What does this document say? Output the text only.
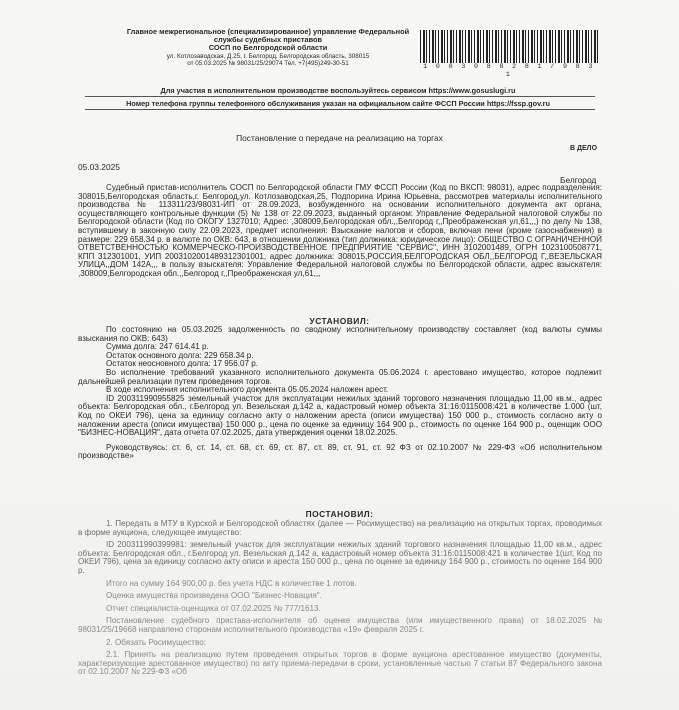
Главное межрегиональное (специализированное) управление Федеральной
службы судебных приставов
СОСП по Белгородской области
ул. Котлозаводская, Д.25, г. Белгород, Белгородская область, 308015
от 05.03.2025 № 98031/25/29074 Тел. +7(495)249-30-51	1 0 0 3 0 8 8 2 8 1 / 9 8 3 1
Для участия в исполнительном производстве воспользуйтесь сервисом https://www.gosuslugi.ru
Номер телефона группы телефонного обслуживания указан на официальном сайте ФССП России https://fssp.gov.ru
Постановление о передаче на реализацию на торгах
В ДЕЛО
05.03.2025
Белгород

Судебный пристав-исполнитель СОСП по Белгородской области ГМУ ФССП России (Код по ВКСП: 98031), адрес подразделения: 308015,Белгородская область,г. Белгород,ул. Котлозаводская,25, Подпорина Ирина Юрьевна, рассмотрев материалы исполнительного производства № 113311/23/98031-ИП от 28.09.2023, возбужденного на основании исполнительного документа акт органа, осуществляющего контрольные функции (5) № 138 от 22.09.2023, выданный органом: Управление Федеральной налоговой службы по Белгородской области (Код по ОКОГУ 1327010; Адрес: ,308009,Белгородская обл.,,Белгород г,,Преображенская ул,61,,,) по делу № 138, вступившему в законную силу 22.09.2023, предмет исполнения: Взыскание налогов и сборов, включая пени (кроме газоснабжения) в размере: 229 658.34 р. в валюте по ОКВ: 643, в отношении должника (тип должника: юридическое лицо): ОБЩЕСТВО С ОГРАНИЧЕННОЙ ОТВЕТСТВЕННОСТЬЮ КОММЕРЧЕСКО-ПРОИЗВОДСТВЕННОЕ ПРЕДПРИЯТИЕ "СЕРВИС", ИНН 3102001489, ОГРН 1023100508771, КПП 312301001, УИП 2003102001489312301001, адрес должника: 308015,РОССИЯ,БЕЛГОРОДСКАЯ ОБЛ,,БЕЛГОРОД Г,,ВЕЗЕЛЬСКАЯ УЛИЦА,,ДОМ 142А,,, в пользу взыскателя: Управление Федеральной налоговой службы по Белгородской области, адрес взыскателя: ,308009,Белгородская обл.,,Белгород г,,Преображенская ул,61,,,

УСТАНОВИЛ:

По состоянию на 05.03.2025 задолженность по сводному исполнительному производству составляет (код валюты суммы взыскания по ОКВ: 643)

Сумма долга: 247 614.41 р.

Остаток основного долга: 229 658.34 р.

Остаток неосновного долга: 17 956.07 р.

Во исполнение требований указанного исполнительного документа 05.06.2024 г. арестовано имущество, которое подлежит дальнейшей реализации путем проведения торгов.

В ходе исполнения исполнительного документа 05.05.2024 наложен арест.

ID 200311990955825 земельный участок для эксплуатации нежилых зданий торгового назначения площадью 11,00 кв.м., адрес объекта: Белгородская обл., г.Белгород ул. Везельская д.142 а, кадастровый номер объекта 31:16:0115008:421 в количестве 1.000 (шт, Код по ОКЕИ 796), цена за единицу согласно акту о наложении ареста (описи имущества) 150 000 р., стоимость согласно акту о наложении ареста (описи имущества) 150 000 р., цена по оценке за единицу 164 900 р., стоимость по оценке 164 900 р., оценщик ООО "БИЗНЕС-НОВАЦИЯ", дата отчета 07.02.2025, дата утверждения оценки 18.02.2025.

Руководствуясь: ст. 6, ст. 14, ст. 68, ст. 69, ст. 87, ст. 89, ст. 91, ст. 92 ФЗ от 02.10.2007 № 229-ФЗ «Об исполнительном производстве»

ПОСТАНОВИЛ:

1. Передать в МТУ в Курской и Белгородской областях (далее — Росимущество) на реализацию на открытых торгах, проводимых в форме аукциона, следующее имущество:

ID 200311990399981: земельный участок для эксплуатации нежилых зданий торгового назначения площадью 11,00 кв.м., адрес объекта: Белгородская обл., г.Белгород ул. Везельская д.142 а, кадастровый номер объекта 31:16:0115008:421 в количестве 1(шт, Код по ОКЕИ 796), цена за единицу согласно акту описи и ареста 150 000 р., цена по оценке за единицу 164 900 р., стоимость по оценке 164 900 р.

Итого на сумму 164 900,00 р. без учета НДС в количестве 1 лотов.

Оценка имущества произведена ООО "Бизнес-Новация".

Отчет специалиста-оценщика от 07.02.2025 № 777/1613.

Постановление судебного пристава-исполнителя об оценке имущества (или имущественного права) от 18.02.2025 № 98031/25/19668 направлено сторонам исполнительного производства «19» февраля 2025 г.

2. Обязать Росимущество:

2.1. Принять на реализацию путем проведения открытых торгов в форме аукциона арестованное имущество (документы, характеризующие арестованное имущество) по акту приема-передачи в сроки, установленные частью 7 статьи 87 Федерального закона от 02.10.2007 № 229-ФЗ «Об
